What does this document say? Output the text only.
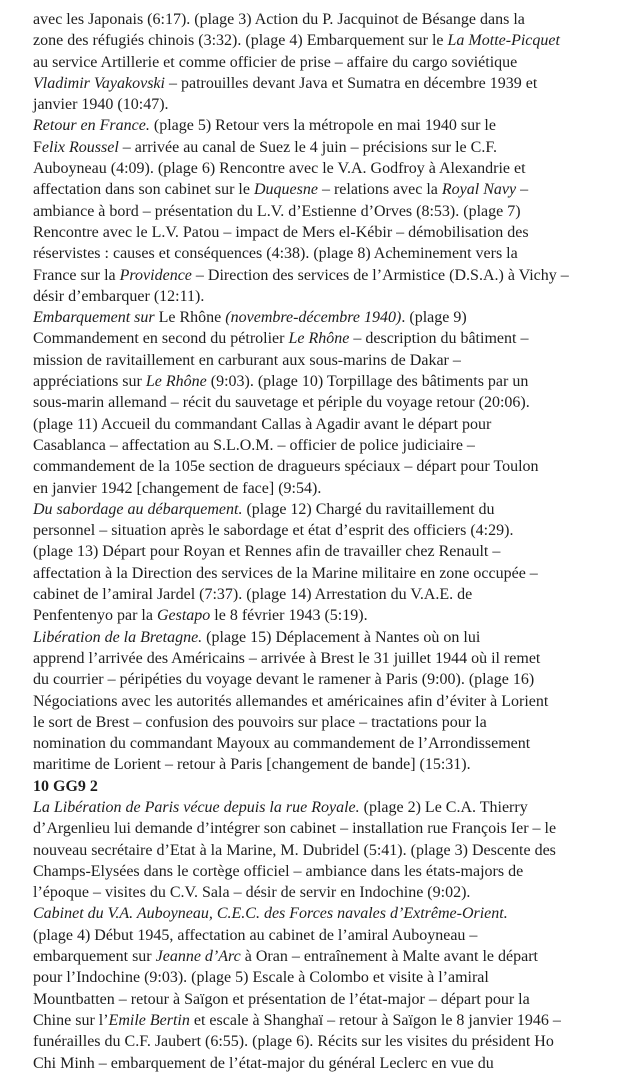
avec les Japonais (6:17). (plage 3) Action du P. Jacquinot de Bésange dans la
zone des réfugiés chinois (3:32). (plage 4) Embarquement sur le La Motte-Picquet
au service Artillerie et comme officier de prise – affaire du cargo soviétique
Vladimir Vayakovski – patrouilles devant Java et Sumatra en décembre 1939 et
janvier 1940 (10:47).
Retour en France. (plage 5) Retour vers la métropole en mai 1940 sur le
Felix Roussel – arrivée au canal de Suez le 4 juin – précisions sur le C.F.
Auboyneau (4:09). (plage 6) Rencontre avec le V.A. Godfroy à Alexandrie et
affectation dans son cabinet sur le Duquesne – relations avec la Royal Navy –
ambiance à bord – présentation du L.V. d’Estienne d’Orves (8:53). (plage 7)
Rencontre avec le L.V. Patou – impact de Mers el-Kébir – démobilisation des
réservistes : causes et conséquences (4:38). (plage 8) Acheminement vers la
France sur la Providence – Direction des services de l’Armistice (D.S.A.) à Vichy –
désir d’embarquer (12:11).
Embarquement sur Le Rhône (novembre-décembre 1940). (plage 9)
Commandement en second du pétrolier Le Rhône – description du bâtiment –
mission de ravitaillement en carburant aux sous-marins de Dakar –
appréciations sur Le Rhône (9:03). (plage 10) Torpillage des bâtiments par un
sous-marin allemand – récit du sauvetage et périple du voyage retour (20:06).
(plage 11) Accueil du commandant Callas à Agadir avant le départ pour
Casablanca – affectation au S.L.O.M. – officier de police judiciaire –
commandement de la 105e section de dragueurs spéciaux – départ pour Toulon
en janvier 1942 [changement de face] (9:54).
Du sabordage au débarquement. (plage 12) Chargé du ravitaillement du
personnel – situation après le sabordage et état d’esprit des officiers (4:29).
(plage 13) Départ pour Royan et Rennes afin de travailler chez Renault –
affectation à la Direction des services de la Marine militaire en zone occupée –
cabinet de l’amiral Jardel (7:37). (plage 14) Arrestation du V.A.E. de
Penfentenyo par la Gestapo le 8 février 1943 (5:19).
Libération de la Bretagne. (plage 15) Déplacement à Nantes où on lui
apprend l’arrivée des Américains – arrivée à Brest le 31 juillet 1944 où il remet
du courrier – péripéties du voyage devant le ramener à Paris (9:00). (plage 16)
Négociations avec les autorités allemandes et américaines afin d’éviter à Lorient
le sort de Brest – confusion des pouvoirs sur place – tractations pour la
nomination du commandant Mayoux au commandement de l’Arrondissement
maritime de Lorient – retour à Paris [changement de bande] (15:31).
10 GG9 2
La Libération de Paris vécue depuis la rue Royale. (plage 2) Le C.A. Thierry
d’Argenlieu lui demande d’intégrer son cabinet – installation rue François Ier – le
nouveau secrétaire d’Etat à la Marine, M. Dubridel (5:41). (plage 3) Descente des
Champs-Elysées dans le cortège officiel – ambiance dans les états-majors de
l’époque – visites du C.V. Sala – désir de servir en Indochine (9:02).
Cabinet du V.A. Auboyneau, C.E.C. des Forces navales d’Extrême-Orient.
(plage 4) Début 1945, affectation au cabinet de l’amiral Auboyneau –
embarquement sur Jeanne d’Arc à Oran – entraînement à Malte avant le départ
pour l’Indochine (9:03). (plage 5) Escale à Colombo et visite à l’amiral
Mountbatten – retour à Saïgon et présentation de l’état-major – départ pour la
Chine sur l’Emile Bertin et escale à Shanghaï – retour à Saïgon le 8 janvier 1946 –
funérailles du C.F. Jaubert (6:55). (plage 6). Récits sur les visites du président Ho
Chi Minh – embarquement de l’état-major du général Leclerc en vue du
